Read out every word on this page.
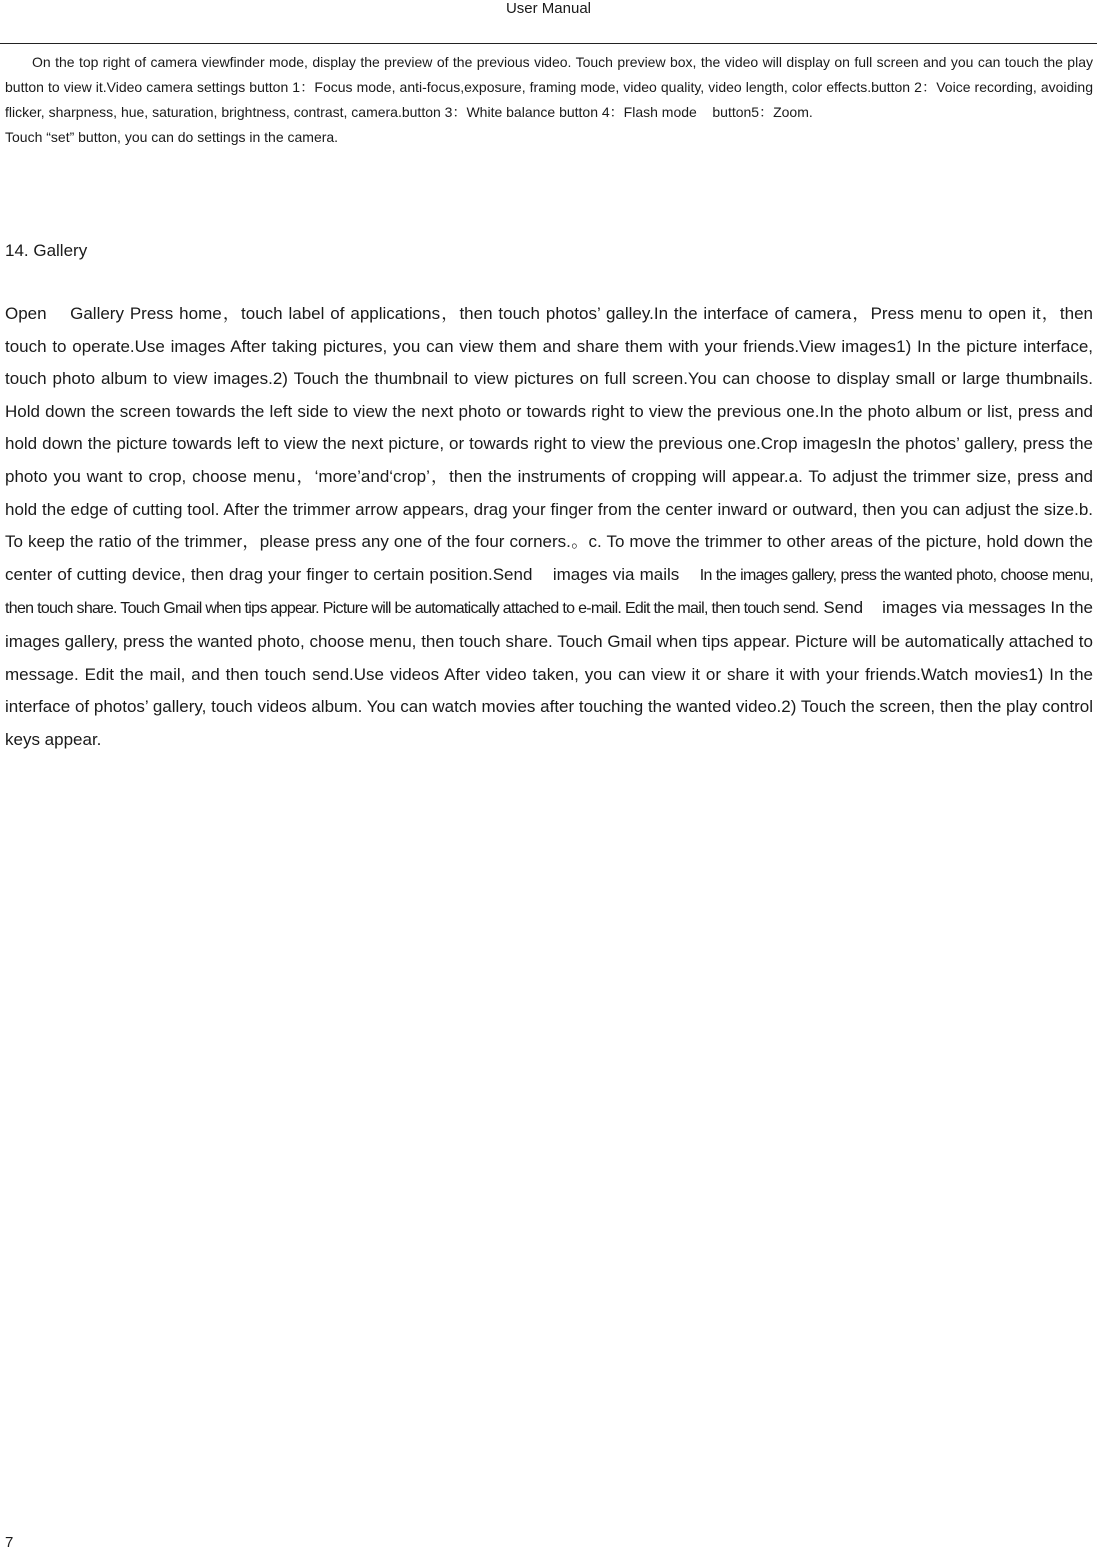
User Manual

On the top right of camera viewfinder mode, display the preview of the previous video. Touch preview box, the video will display on full screen and you can touch the play button to view it.Video camera settings button 1：Focus mode, anti-focus,exposure, framing mode, video quality, video length, color effects.button 2：Voice recording, avoiding flicker, sharpness, hue, saturation, brightness, contrast, camera.button 3：White balance button 4：Flash mode    button5：Zoom.

Touch “set” button, you can do settings in the camera.

14. Gallery
Open    Gallery Press home，touch label of applications，then touch photos’ galley.In the interface of camera，Press menu to open it，then touch to operate.Use images After taking pictures, you can view them and share them with your friends.View images1) In the picture interface, touch photo album to view images.2) Touch the thumbnail to view pictures on full screen.You can choose to display small or large thumbnails. Hold down the screen towards the left side to view the next photo or towards right to view the previous one.In the photo album or list, press and hold down the picture towards left to view the next picture, or towards right to view the previous one.Crop imagesIn the photos’ gallery, press the photo you want to crop, choose menu，‘more’and‘crop’，then the instruments of cropping will appear.a. To adjust the trimmer size, press and hold the edge of cutting tool. After the trimmer arrow appears, drag your finger from the center inward or outward, then you can adjust the size.b. To keep the ratio of the trimmer，please press any one of the four corners.。c. To move the trimmer to other areas of the picture, hold down the center of cutting device, then drag your finger to certain position.Send    images via mails    In the images gallery, press the wanted photo, choose menu, then touch share. Touch Gmail when tips appear. Picture will be automatically attached to e-mail. Edit the mail, then touch send. Send    images via messages In the images gallery, press the wanted photo, choose menu, then touch share. Touch Gmail when tips appear. Picture will be automatically attached to message. Edit the mail, and then touch send.Use videos After video taken, you can view it or share it with your friends.Watch movies1) In the interface of photos’ gallery, touch videos album. You can watch movies after touching the wanted video.2) Touch the screen, then the play control keys appear.
7
